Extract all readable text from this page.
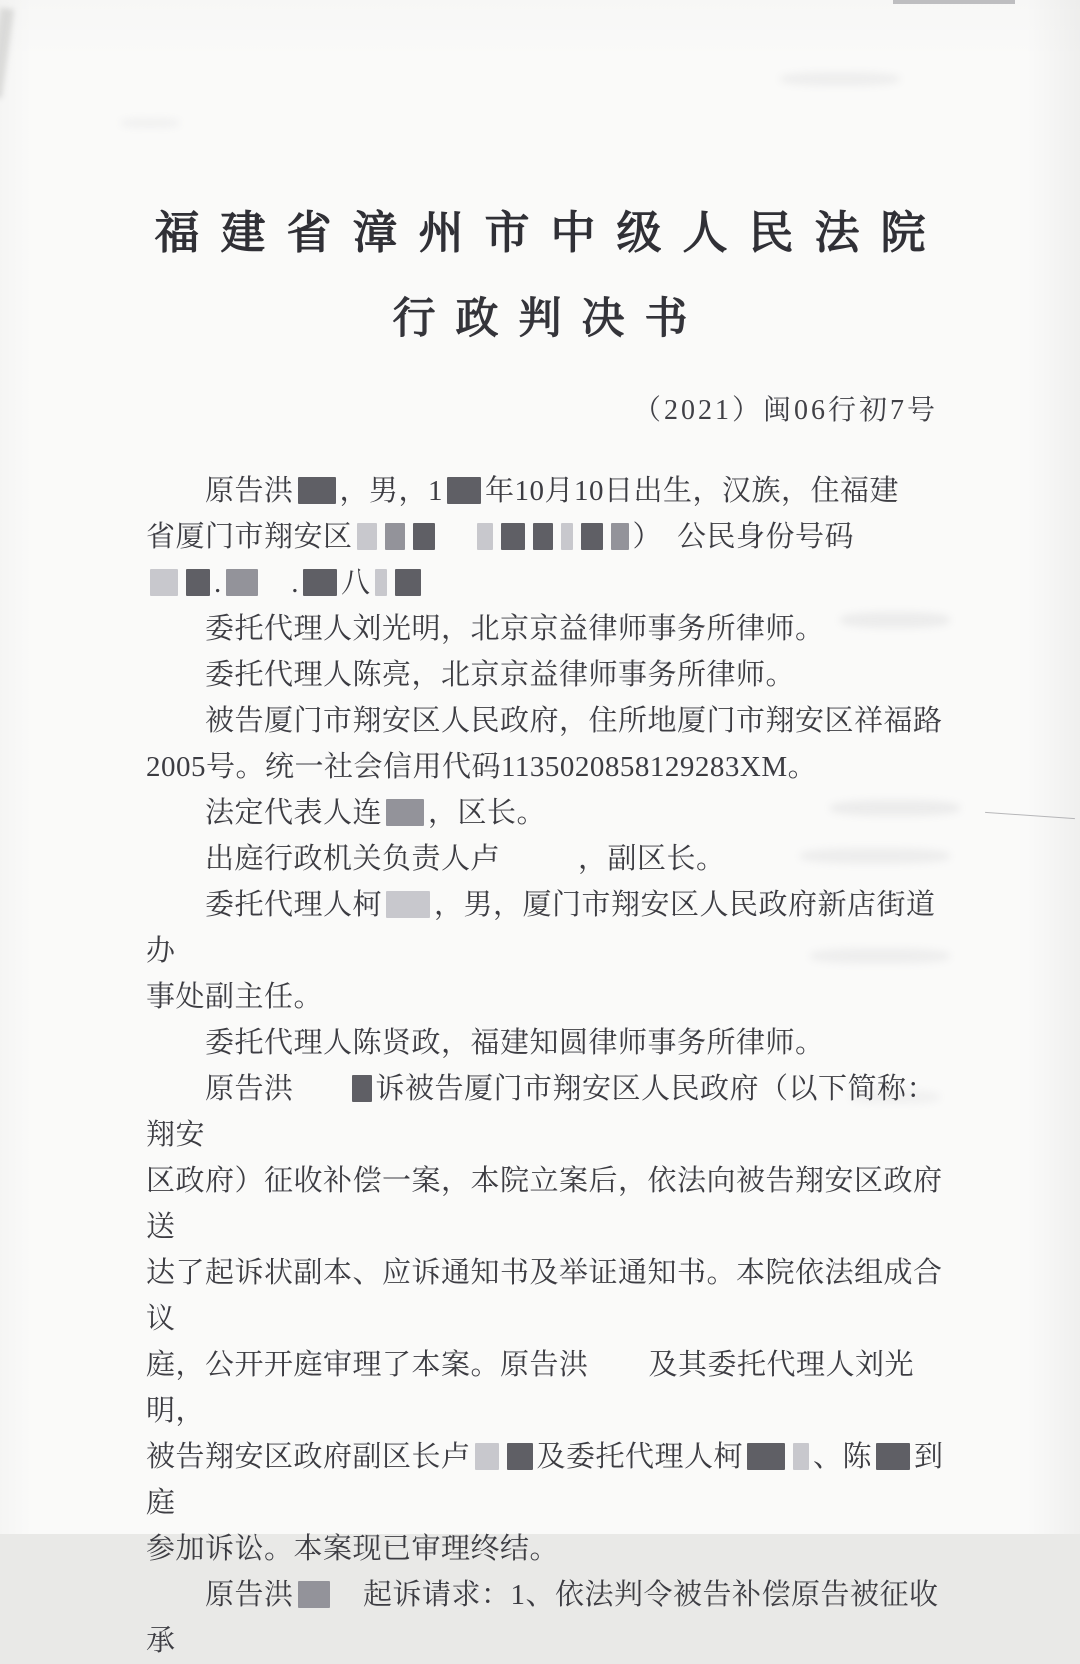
福建省漳州市中级人民法院
行政判决书
（2021）闽06行初7号

原告洪 ，男，1 年10月10日出生，汉族，住福建
省厦门市翔安区	）　公民身份号码
.　. 八

委托代理人刘光明，北京京益律师事务所律师。

委托代理人陈亮，北京京益律师事务所律师。

被告厦门市翔安区人民政府，住所地厦门市翔安区祥福路
2005号。统一社会信用代码1135020858129283XM。

法定代表人连 ，区长。

出庭行政机关负责人卢	，副区长。

委托代理人柯 ，男，厦门市翔安区人民政府新店街道办
事处副主任。

委托代理人陈贤政，福建知圆律师事务所律师。

原告洪	诉被告厦门市翔安区人民政府（以下简称：翔安
区政府）征收补偿一案，本院立案后，依法向被告翔安区政府送
达了起诉状副本、应诉通知书及举证通知书。本院依法组成合议
庭，公开开庭审理了本案。原告洪 及其委托代理人刘光明，
被告翔安区政府副区长卢 及委托代理人柯 、陈 到庭
参加诉讼。本案现已审理终结。

原告洪　起诉请求：1、依法判令被告补偿原告被征收承
